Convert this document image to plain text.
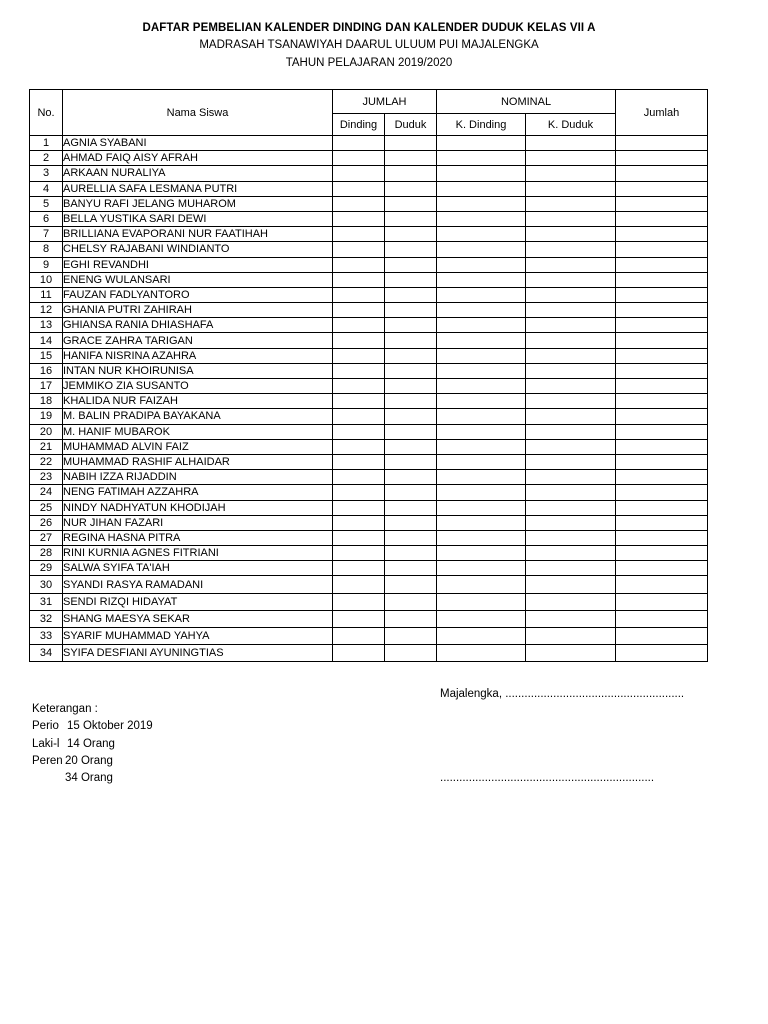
DAFTAR PEMBELIAN KALENDER DINDING DAN KALENDER DUDUK KELAS VII A
MADRASAH TSANAWIYAH DAARUL ULUUM PUI MAJALENGKA
TAHUN PELAJARAN 2019/2020
No.	Nama Siswa	JUMLAH		NOMINAL		Jumlah
		Dinding	Duduk	K. Dinding	K. Duduk	
1	AGNIA SYABANI					
2	AHMAD FAIQ AISY AFRAH					
3	ARKAAN NURALIYA					
4	AURELLIA SAFA LESMANA PUTRI					
5	BANYU RAFI JELANG MUHAROM					
6	BELLA YUSTIKA SARI DEWI					
7	BRILLIANA EVAPORANI NUR FAATIHAH					
8	CHELSY RAJABANI WINDIANTO					
9	EGHI REVANDHI					
10	ENENG WULANSARI					
11	FAUZAN FADLYANTORO					
12	GHANIA PUTRI ZAHIRAH					
13	GHIANSA RANIA DHIASHAFA					
14	GRACE ZAHRA TARIGAN					
15	HANIFA NISRINA AZAHRA					
16	INTAN NUR KHOIRUNISA					
17	JEMMIKO ZIA SUSANTO					
18	KHALIDA NUR FAIZAH					
19	M. BALIN PRADIPA BAYAKANA					
20	M. HANIF MUBAROK					
21	MUHAMMAD ALVIN FAIZ					
22	MUHAMMAD RASHIF ALHAIDAR					
23	NABIH IZZA RIJADDIN					
24	NENG FATIMAH AZZAHRA					
25	NINDY NADHYATUN KHODIJAH					
26	NUR JIHAN FAZARI					
27	REGINA HASNA PITRA					
28	RINI KURNIA AGNES FITRIANI					
29	SALWA SYIFA TA'IAH					
30	SYANDI RASYA RAMADANI					
31	SENDI RIZQI HIDAYAT					
32	SHANG MAESYA SEKAR					
33	SYARIF MUHAMMAD YAHYA					
34	SYIFA DESFIANI AYUNINGTIAS					
Majalengka, ........................................................
Keterangan :
Perio 15 Oktober 2019
Laki-l 14 Orang
Peren 20 Orang
34 Orang	...................................................................
